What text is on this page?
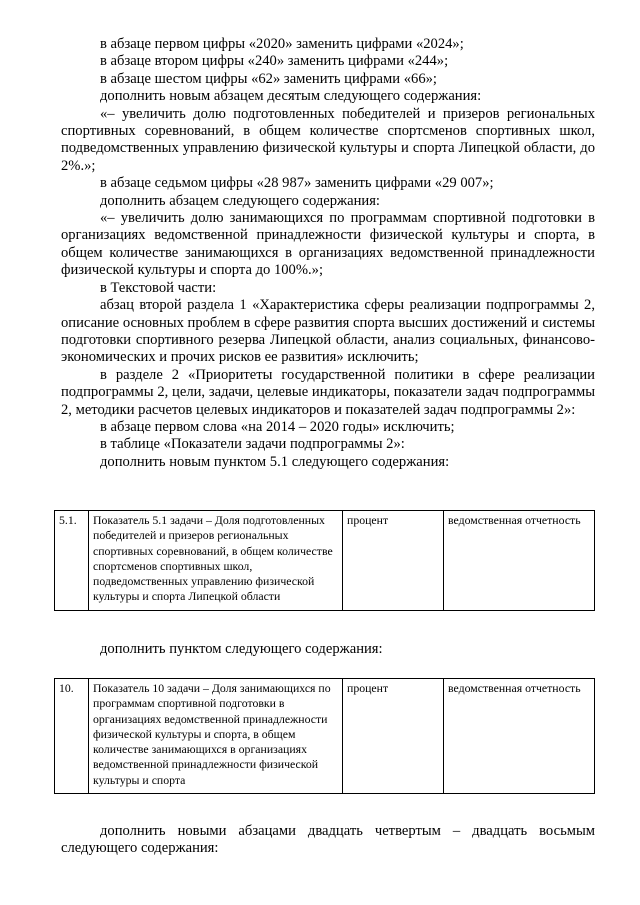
в абзаце первом цифры «2020» заменить цифрами «2024»;

в абзаце втором цифры «240» заменить цифрами «244»;

в абзаце шестом цифры «62» заменить цифрами «66»;

дополнить новым абзацем десятым следующего содержания:

«– увеличить долю подготовленных победителей и призеров региональных спортивных соревнований, в общем количестве спортсменов спортивных школ, подведомственных управлению физической культуры и спорта Липецкой области, до 2%.»;

в абзаце седьмом цифры «28 987» заменить цифрами «29 007»;

дополнить абзацем следующего содержания:

«– увеличить долю занимающихся по программам спортивной подготовки в организациях ведомственной принадлежности физической культуры и спорта, в общем количестве занимающихся в организациях ведомственной принадлежности физической культуры и спорта до 100%.»;

в Текстовой части:

абзац второй раздела 1 «Характеристика сферы реализации подпрограммы 2, описание основных проблем в сфере развития спорта высших достижений и системы подготовки спортивного резерва Липецкой области, анализ социальных, финансово-экономических и прочих рисков ее развития» исключить;

в разделе 2 «Приоритеты государственной политики в сфере реализации подпрограммы 2, цели, задачи, целевые индикаторы, показатели задач подпрограммы 2, методики расчетов целевых индикаторов и показателей задач подпрограммы 2»:

в абзаце первом слова «на 2014 – 2020 годы» исключить;

в таблице «Показатели задачи подпрограммы 2»:

дополнить новым пунктом 5.1 следующего содержания:

5.1.	Показатель 5.1 задачи – Доля подготовленных победителей и призеров региональных спортивных соревнований, в общем количестве спортсменов спортивных школ, подведомственных управлению физической культуры и спорта Липецкой области	процент	ведомственная отчетность

дополнить пунктом следующего содержания:

10.	Показатель 10 задачи – Доля занимающихся по программам спортивной подготовки в организациях ведомственной принадлежности физической культуры и спорта, в общем количестве занимающихся в организациях ведомственной принадлежности физической культуры и спорта	процент	ведомственная отчетность

дополнить новыми абзацами двадцать четвертым – двадцать восьмым следующего содержания:
